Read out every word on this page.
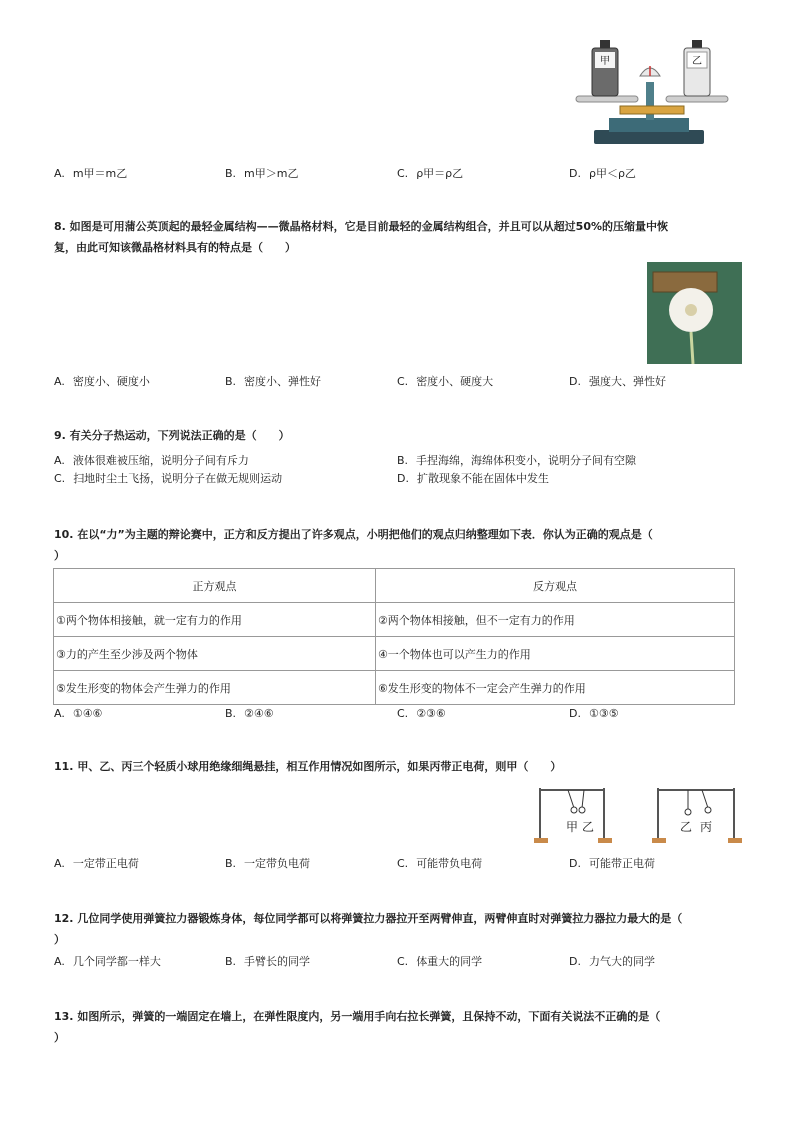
甲	乙
A. m甲＝m乙	B. m甲＞m乙	C. ρ甲＝ρ乙	D. ρ甲＜ρ乙
8. 如图是可用蒲公英顶起的最轻金属结构——微晶格材料，它是目前最轻的金属结构组合，并且可以从超过50%的压缩量中恢
复，由此可知该微晶格材料具有的特点是（　　）
A. 密度小、硬度小	B. 密度小、弹性好	C. 密度小、硬度大	D. 强度大、弹性好
9. 有关分子热运动，下列说法正确的是（　　）
A. 液体很难被压缩，说明分子间有斥力	B. 手捏海绵，海绵体积变小，说明分子间有空隙
C. 扫地时尘土飞扬，说明分子在做无规则运动	D. 扩散现象不能在固体中发生
10. 在以“力”为主题的辩论赛中，正方和反方提出了许多观点，小明把他们的观点归纳整理如下表．你认为正确的观点是（
）
正方观点	反方观点
①两个物体相接触，就一定有力的作用	②两个物体相接触，但不一定有力的作用
③力的产生至少涉及两个物体	④一个物体也可以产生力的作用
⑤发生形变的物体会产生弹力的作用	⑥发生形变的物体不一定会产生弹力的作用
A. ①④⑥	B. ②④⑥	C. ②③⑥	D. ①③⑤
11. 甲、乙、丙三个轻质小球用绝缘细绳悬挂，相互作用情况如图所示，如果丙带正电荷，则甲（　　）
甲 乙	乙 丙
A. 一定带正电荷	B. 一定带负电荷	C. 可能带负电荷	D. 可能带正电荷
12. 几位同学使用弹簧拉力器锻炼身体，每位同学都可以将弹簧拉力器拉开至两臂伸直，两臂伸直时对弹簧拉力器拉力最大的是（
）
A. 几个同学都一样大	B. 手臂长的同学	C. 体重大的同学	D. 力气大的同学
13. 如图所示，弹簧的一端固定在墙上，在弹性限度内，另一端用手向右拉长弹簧，且保持不动，下面有关说法不正确的是（
）
